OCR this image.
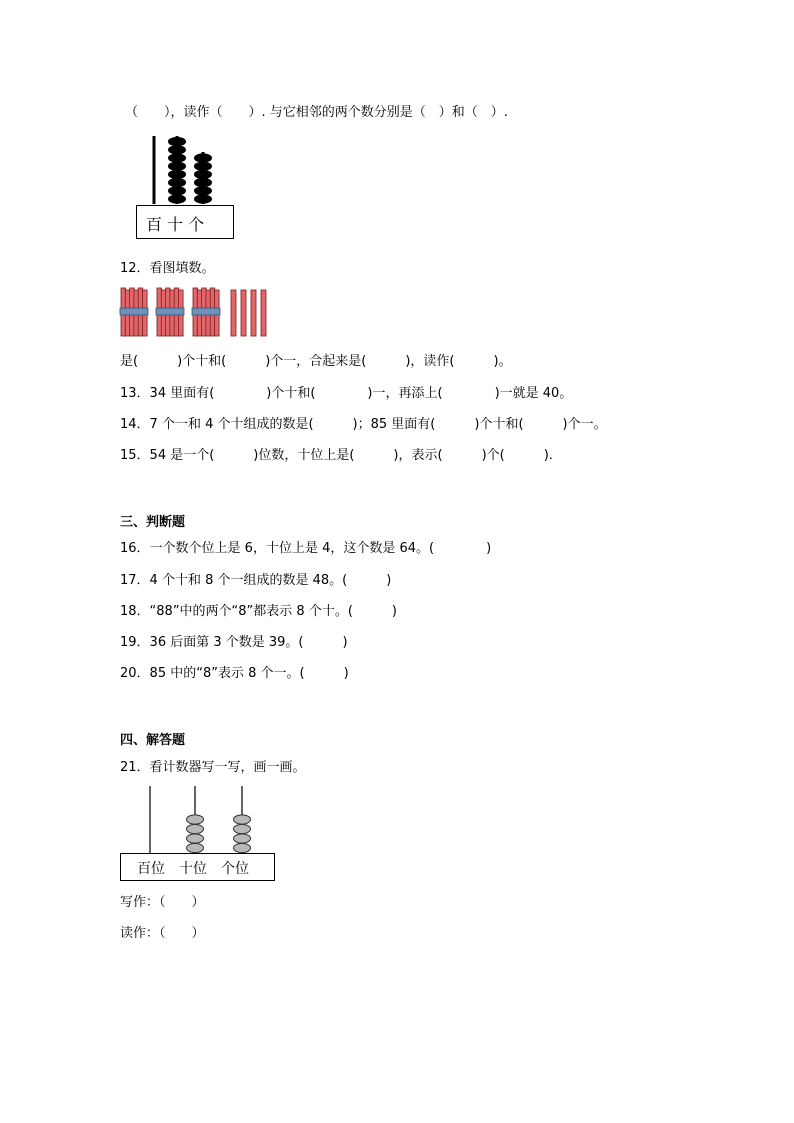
（　　），读作（　　）. 与它相邻的两个数分别是（　）和（　）.
百 十 个
12．看图填数。
是(　　　)个十和(　　　)个一，合起来是(　　　)，读作(　　　)。
13．34 里面有(　　　　)个十和(　　　　)一，再添上(　　　　)一就是 40。
14．7 个一和 4 个十组成的数是(　　　)；85 里面有(　　　)个十和(　　　)个一。
15．54 是一个(　　　)位数，十位上是(　　　)，表示(　　　)个(　　　).
三、判断题
16．一个数个位上是 6，十位上是 4，这个数是 64。(　　　　)
17．4 个十和 8 个一组成的数是 48。(　　　)
18．“88”中的两个“8”都表示 8 个十。(　　　)
19．36 后面第 3 个数是 39。(　　　)
20．85 中的“8”表示 8 个一。(　　　)
四、解答题
21．看计数器写一写，画一画。
百位　十位　个位
写作：（　　）
读作：（　　）
